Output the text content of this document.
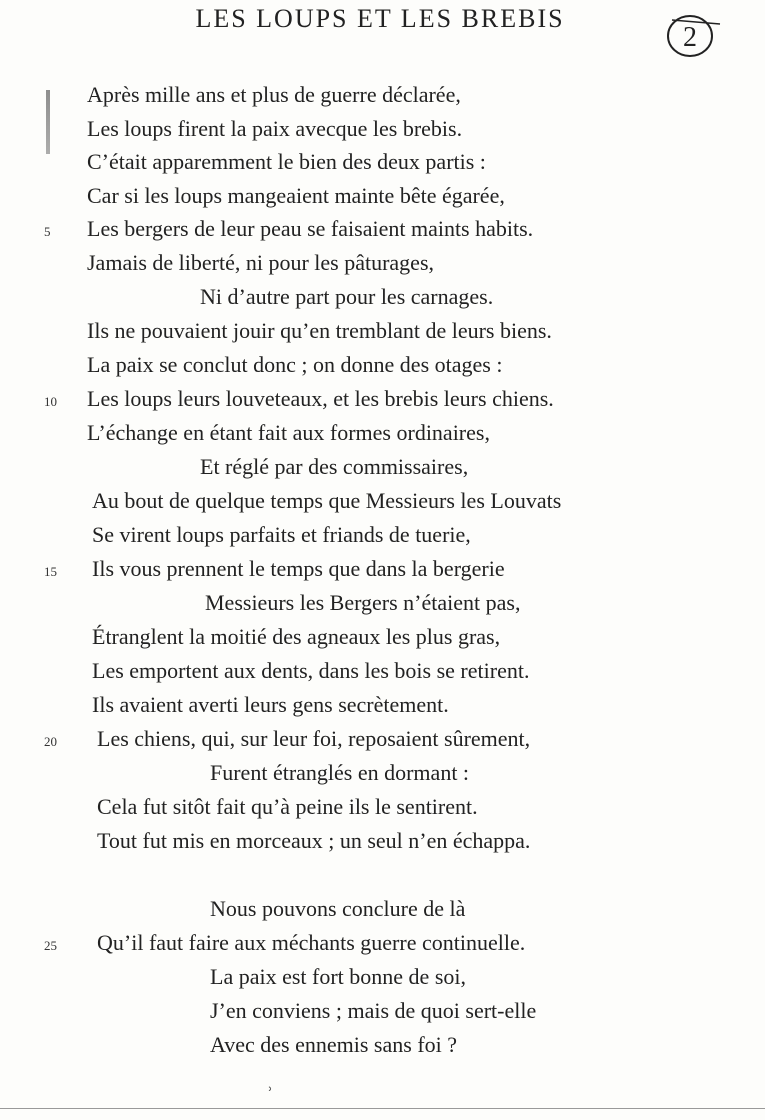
LES LOUPS ET LES BREBIS
2
Après mille ans et plus de guerre déclarée,
Les loups firent la paix avecque les brebis.
C’était apparemment le bien des deux partis :
Car si les loups mangeaient mainte bête égarée,
5 Les bergers de leur peau se faisaient maints habits.
Jamais de liberté, ni pour les pâturages,
Ni d’autre part pour les carnages.
Ils ne pouvaient jouir qu’en tremblant de leurs biens.
La paix se conclut donc ; on donne des otages :
10 Les loups leurs louveteaux, et les brebis leurs chiens.
L’échange en étant fait aux formes ordinaires,
Et réglé par des commissaires,
Au bout de quelque temps que Messieurs les Louvats
Se virent loups parfaits et friands de tuerie,
15 Ils vous prennent le temps que dans la bergerie
Messieurs les Bergers n’étaient pas,
Étranglent la moitié des agneaux les plus gras,
Les emportent aux dents, dans les bois se retirent.
Ils avaient averti leurs gens secrètement.
20 Les chiens, qui, sur leur foi, reposaient sûrement,
Furent étranglés en dormant :
Cela fut sitôt fait qu’à peine ils le sentirent.
Tout fut mis en morceaux ; un seul n’en échappa.
Nous pouvons conclure de là
25 Qu’il faut faire aux méchants guerre continuelle.
La paix est fort bonne de soi,
J’en conviens ; mais de quoi sert-elle
Avec des ennemis sans foi ?
ʾ
